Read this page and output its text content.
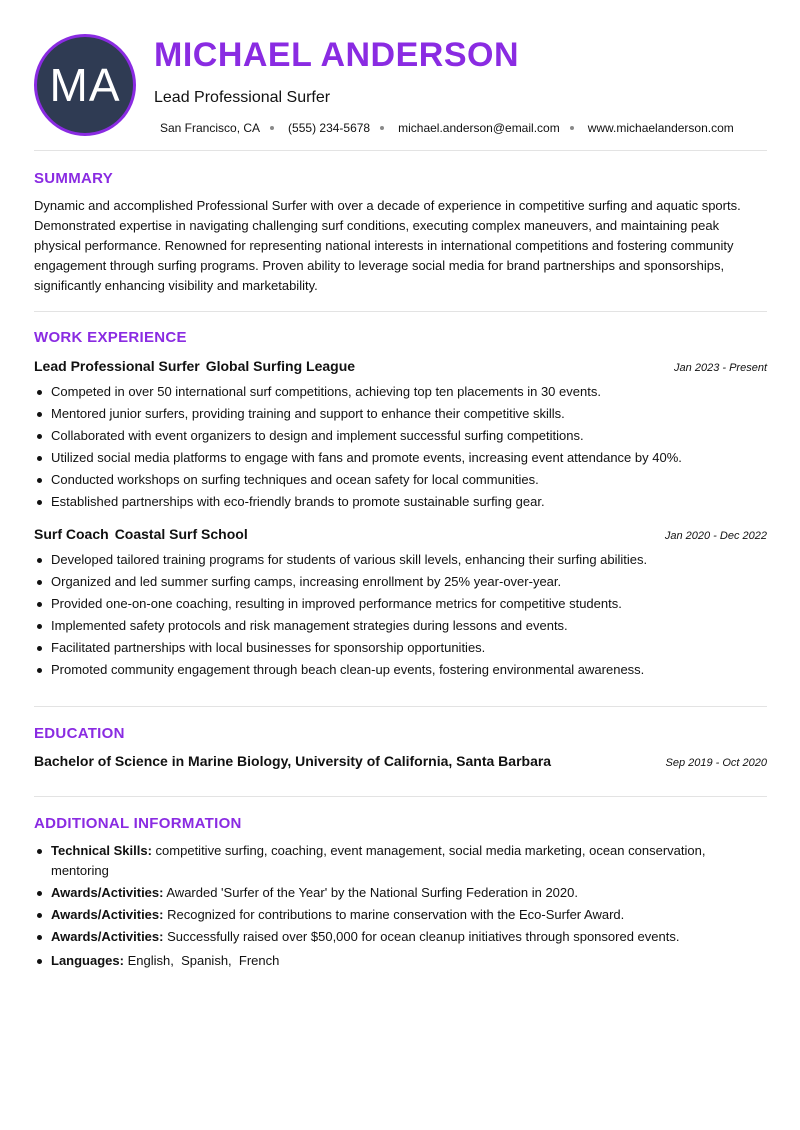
MA
MICHAEL ANDERSON
Lead Professional Surfer
San Francisco, CA (555) 234-5678 michael.anderson@email.com www.michaelanderson.com
SUMMARY

Dynamic and accomplished Professional Surfer with over a decade of experience in competitive surfing and aquatic sports. Demonstrated expertise in navigating challenging surf conditions, executing complex maneuvers, and maintaining peak physical performance. Renowned for representing national interests in international competitions and fostering community engagement through surfing programs. Proven ability to leverage social media for brand partnerships and sponsorships, significantly enhancing visibility and marketability.

WORK EXPERIENCE
Lead Professional Surfer Global Surfing League	Jan 2023 - Present
Competed in over 50 international surf competitions, achieving top ten placements in 30 events.
Mentored junior surfers, providing training and support to enhance their competitive skills.
Collaborated with event organizers to design and implement successful surfing competitions.
Utilized social media platforms to engage with fans and promote events, increasing event attendance by 40%.
Conducted workshops on surfing techniques and ocean safety for local communities.
Established partnerships with eco-friendly brands to promote sustainable surfing gear.
Surf Coach Coastal Surf School	Jan 2020 - Dec 2022
Developed tailored training programs for students of various skill levels, enhancing their surfing abilities.
Organized and led summer surfing camps, increasing enrollment by 25% year-over-year.
Provided one-on-one coaching, resulting in improved performance metrics for competitive students.
Implemented safety protocols and risk management strategies during lessons and events.
Facilitated partnerships with local businesses for sponsorship opportunities.
Promoted community engagement through beach clean-up events, fostering environmental awareness.
EDUCATION
Bachelor of Science in Marine Biology, University of California, Santa Barbara	Sep 2019 - Oct 2020
ADDITIONAL INFORMATION
Technical Skills: competitive surfing, coaching, event management, social media marketing, ocean conservation, mentoring
Awards/Activities: Awarded 'Surfer of the Year' by the National Surfing Federation in 2020.
Awards/Activities: Recognized for contributions to marine conservation with the Eco-Surfer Award.
Awards/Activities: Successfully raised over $50,000 for ocean cleanup initiatives through sponsored events.
Languages: English,  Spanish,  French
